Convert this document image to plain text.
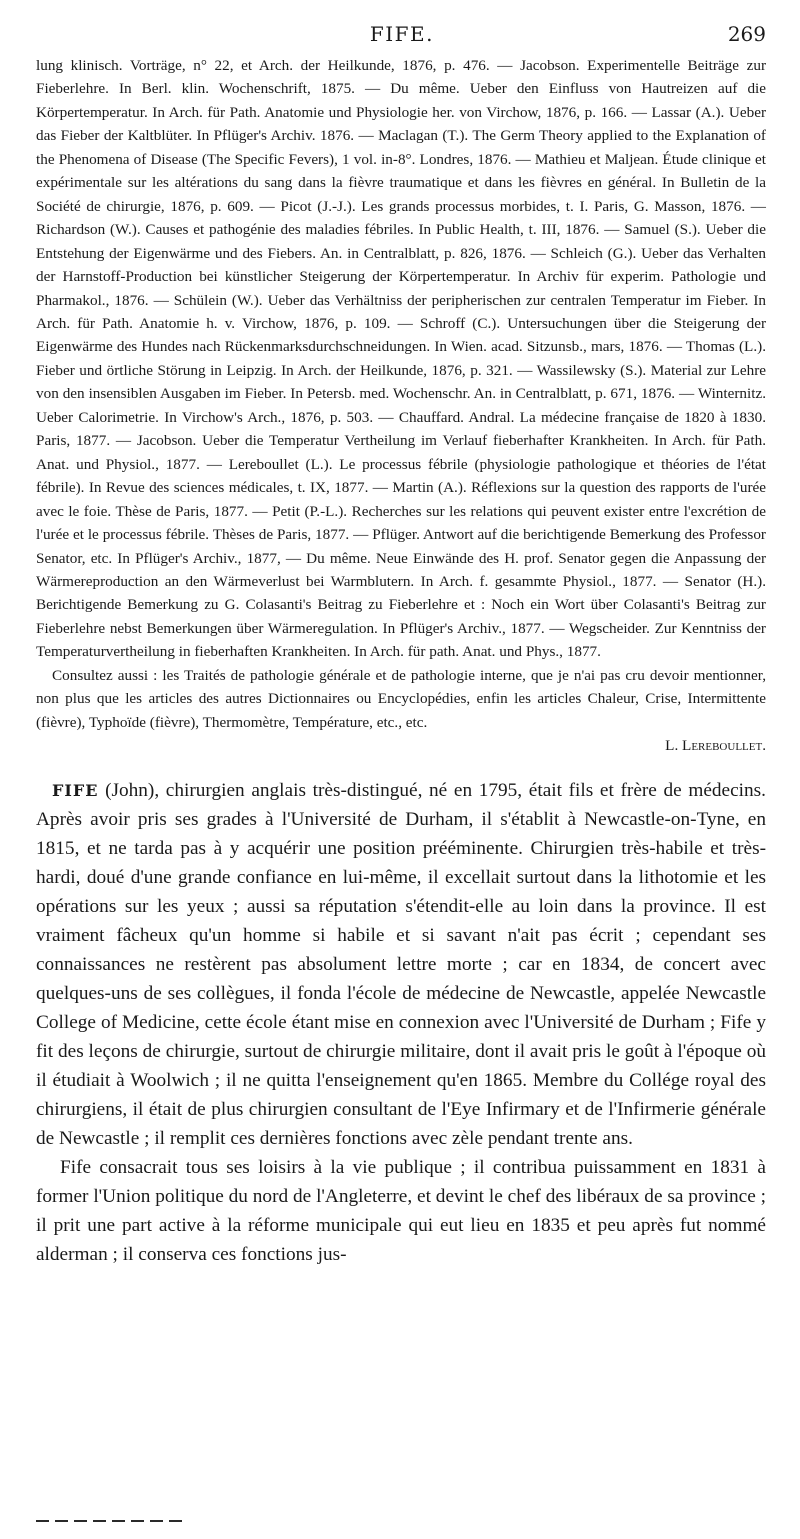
FIFE.	269

lung klinisch. Vorträge, n° 22, et Arch. der Heilkunde, 1876, p. 476. — Jacobson. Experimentelle Beiträge zur Fieberlehre. In Berl. klin. Wochenschrift, 1875. — Du même. Ueber den Einfluss von Hautreizen auf die Körpertemperatur. In Arch. für Path. Anatomie und Physiologie her. von Virchow, 1876, p. 166. — Lassar (A.). Ueber das Fieber der Kaltblüter. In Pflüger's Archiv. 1876. — Maclagan (T.). The Germ Theory applied to the Explanation of the Phenomena of Disease (The Specific Fevers), 1 vol. in-8°. Londres, 1876. — Mathieu et Maljean. Étude clinique et expérimentale sur les altérations du sang dans la fièvre traumatique et dans les fièvres en général. In Bulletin de la Société de chirurgie, 1876, p. 609. — Picot (J.-J.). Les grands processus morbides, t. I. Paris, G. Masson, 1876. — Richardson (W.). Causes et pathogénie des maladies fébriles. In Public Health, t. III, 1876. — Samuel (S.). Ueber die Entstehung der Eigenwärme und des Fiebers. An. in Centralblatt, p. 826, 1876. — Schleich (G.). Ueber das Verhalten der Harnstoff-Production bei künstlicher Steigerung der Körpertemperatur. In Archiv für experim. Pathologie und Pharmakol., 1876. — Schülein (W.). Ueber das Verhältniss der peripherischen zur centralen Temperatur im Fieber. In Arch. für Path. Anatomie h. v. Virchow, 1876, p. 109. — Schroff (C.). Untersuchungen über die Steigerung der Eigenwärme des Hundes nach Rückenmarksdurchschneidungen. In Wien. acad. Sitzunsb., mars, 1876. — Thomas (L.). Fieber und örtliche Störung in Leipzig. In Arch. der Heilkunde, 1876, p. 321. — Wassilewsky (S.). Material zur Lehre von den insensiblen Ausgaben im Fieber. In Petersb. med. Wochenschr. An. in Centralblatt, p. 671, 1876. — Winternitz. Ueber Calorimetrie. In Virchow's Arch., 1876, p. 503. — Chauffard. Andral. La médecine française de 1820 à 1830. Paris, 1877. — Jacobson. Ueber die Temperatur Vertheilung im Verlauf fieberhafter Krankheiten. In Arch. für Path. Anat. und Physiol., 1877. — Lereboullet (L.). Le processus fébrile (physiologie pathologique et théories de l'état fébrile). In Revue des sciences médicales, t. IX, 1877. — Martin (A.). Réflexions sur la question des rapports de l'urée avec le foie. Thèse de Paris, 1877. — Petit (P.-L.). Recherches sur les relations qui peuvent exister entre l'excrétion de l'urée et le processus fébrile. Thèses de Paris, 1877. — Pflüger. Antwort auf die berichtigende Bemerkung des Professor Senator, etc. In Pflüger's Archiv., 1877, — Du même. Neue Einwände des H. prof. Senator gegen die Anpassung der Wärmereproduction an den Wärmeverlust bei Warmblutern. In Arch. f. gesammte Physiol., 1877. — Senator (H.). Berichtigende Bemerkung zu G. Colasanti's Beitrag zu Fieberlehre et : Noch ein Wort über Colasanti's Beitrag zur Fieberlehre nebst Bemerkungen über Wärmeregulation. In Pflüger's Archiv., 1877. — Wegscheider. Zur Kenntniss der Temperaturvertheilung in fieberhaften Krankheiten. In Arch. für path. Anat. und Phys., 1877.

Consultez aussi : les Traités de pathologie générale et de pathologie interne, que je n'ai pas cru devoir mentionner, non plus que les articles des autres Dictionnaires ou Encyclopédies, enfin les articles Chaleur, Crise, Intermittente (fièvre), Typhoïde (fièvre), Thermomètre, Température, etc., etc.
L. Lereboullet.

FIFE (John), chirurgien anglais très-distingué, né en 1795, était fils et frère de médecins. Après avoir pris ses grades à l'Université de Durham, il s'établit à Newcastle-on-Tyne, en 1815, et ne tarda pas à y acquérir une position prééminente. Chirurgien très-habile et très-hardi, doué d'une grande confiance en lui-même, il excellait surtout dans la lithotomie et les opérations sur les yeux ; aussi sa réputation s'étendit-elle au loin dans la province. Il est vraiment fâcheux qu'un homme si habile et si savant n'ait pas écrit ; cependant ses connaissances ne restèrent pas absolument lettre morte ; car en 1834, de concert avec quelques-uns de ses collègues, il fonda l'école de médecine de Newcastle, appelée Newcastle College of Medicine, cette école étant mise en connexion avec l'Université de Durham ; Fife y fit des leçons de chirurgie, surtout de chirurgie militaire, dont il avait pris le goût à l'époque où il étudiait à Woolwich ; il ne quitta l'enseignement qu'en 1865. Membre du Collége royal des chirurgiens, il était de plus chirurgien consultant de l'Eye Infirmary et de l'Infirmerie générale de Newcastle ; il remplit ces dernières fonctions avec zèle pendant trente ans.

Fife consacrait tous ses loisirs à la vie publique ; il contribua puissamment en 1831 à former l'Union politique du nord de l'Angleterre, et devint le chef des libéraux de sa province ; il prit une part active à la réforme municipale qui eut lieu en 1835 et peu après fut nommé alderman ; il conserva ces fonctions jus-
